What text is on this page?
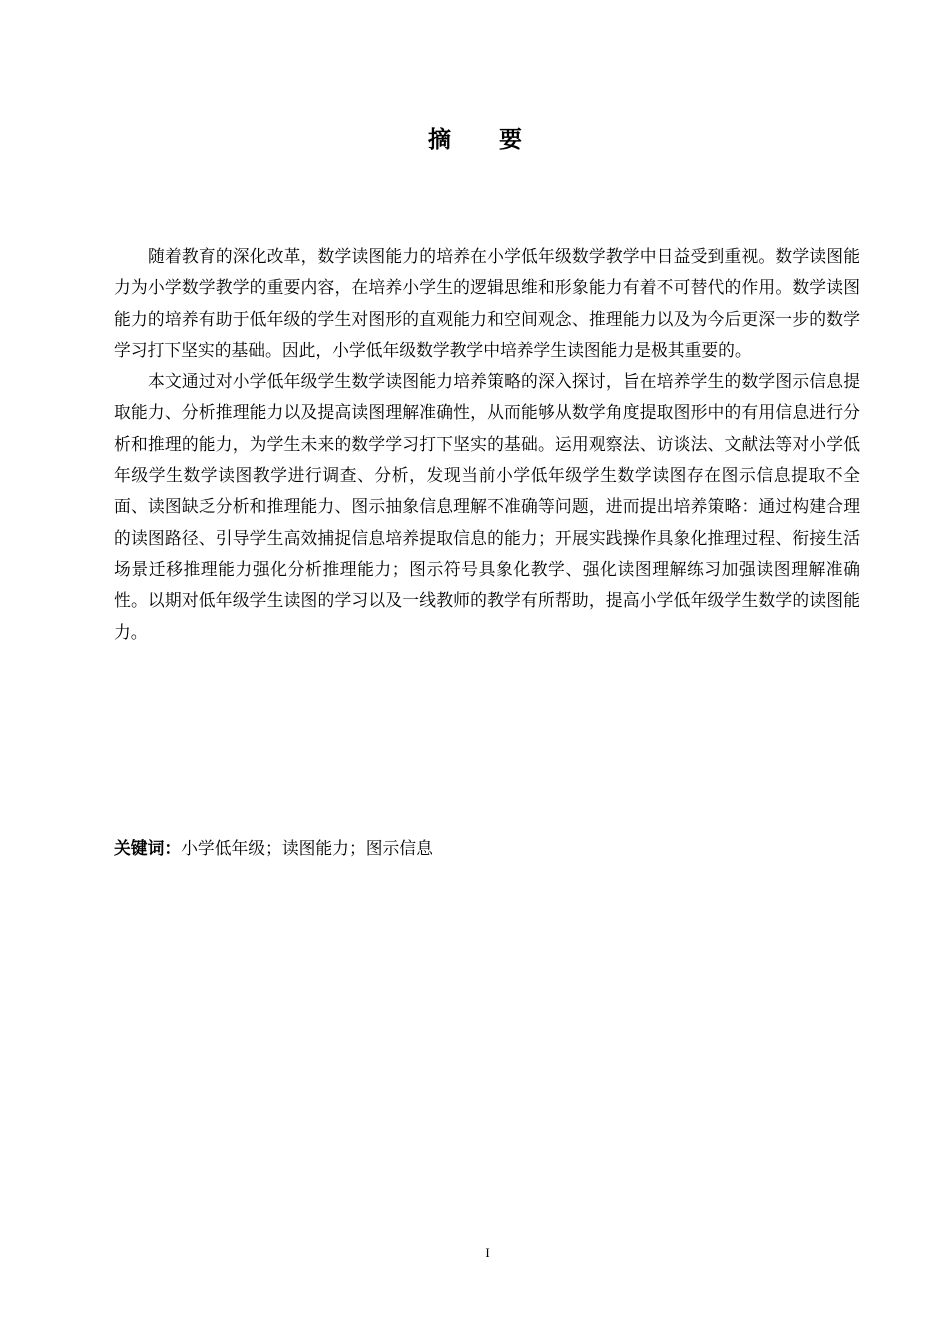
摘 要

随着教育的深化改革，数学读图能力的培养在小学低年级数学教学中日益受到重视。数学读图能力为小学数学教学的重要内容，在培养小学生的逻辑思维和形象能力有着不可替代的作用。数学读图能力的培养有助于低年级的学生对图形的直观能力和空间观念、推理能力以及为今后更深一步的数学学习打下坚实的基础。因此，小学低年级数学教学中培养学生读图能力是极其重要的。

本文通过对小学低年级学生数学读图能力培养策略的深入探讨，旨在培养学生的数学图示信息提取能力、分析推理能力以及提高读图理解准确性，从而能够从数学角度提取图形中的有用信息进行分析和推理的能力，为学生未来的数学学习打下坚实的基础。运用观察法、访谈法、文献法等对小学低年级学生数学读图教学进行调查、分析，发现当前小学低年级学生数学读图存在图示信息提取不全面、读图缺乏分析和推理能力、图示抽象信息理解不准确等问题，进而提出培养策略：通过构建合理的读图路径、引导学生高效捕捉信息培养提取信息的能力；开展实践操作具象化推理过程、衔接生活场景迁移推理能力强化分析推理能力；图示符号具象化教学、强化读图理解练习加强读图理解准确性。以期对低年级学生读图的学习以及一线教师的教学有所帮助，提高小学低年级学生数学的读图能力。

关键词：小学低年级；读图能力；图示信息
I
